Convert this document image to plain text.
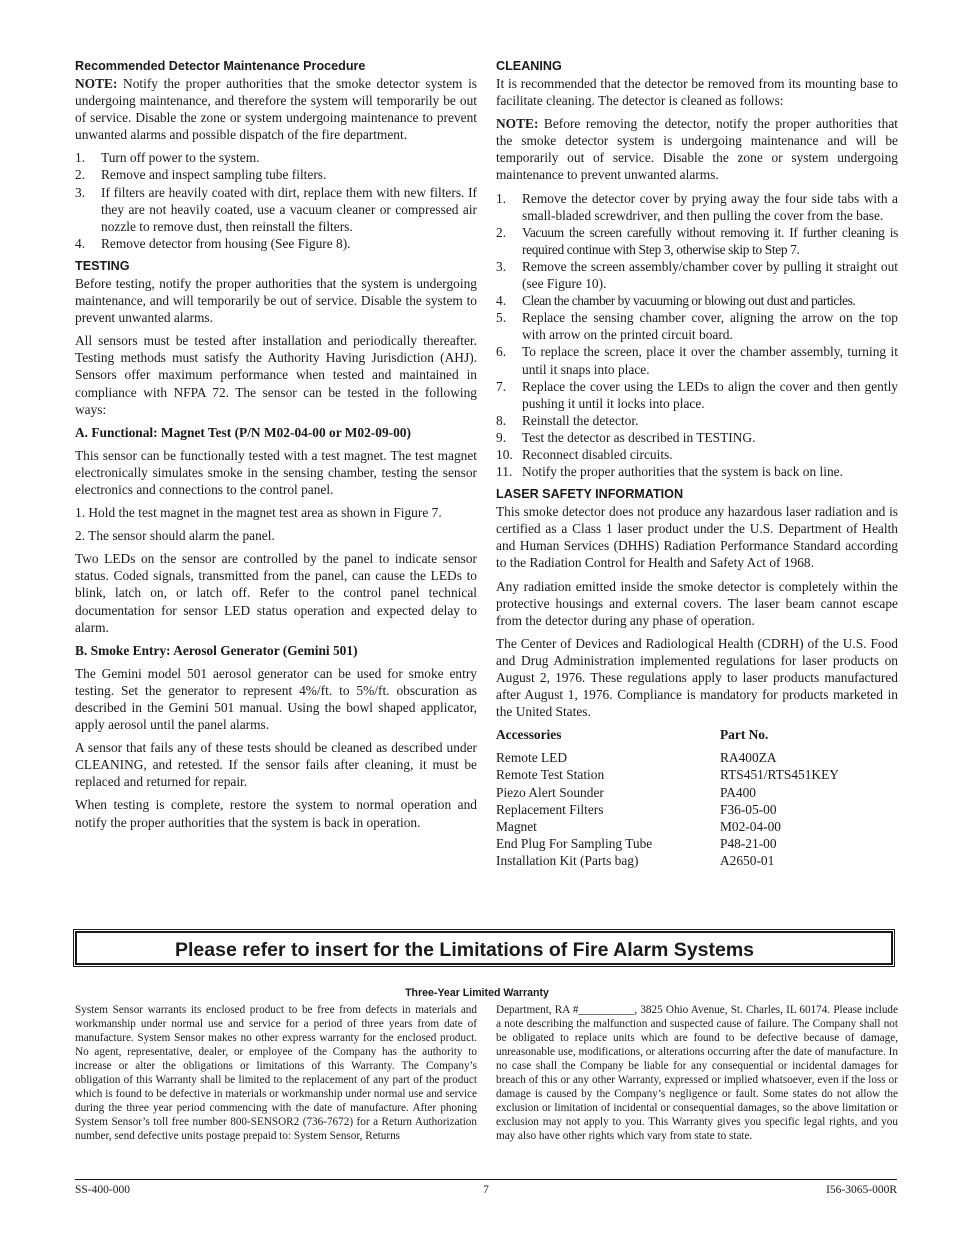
Recommended Detector Maintenance Procedure

NOTE: Notify the proper authorities that the smoke detector system is undergoing maintenance, and therefore the system will temporarily be out of service. Disable the zone or system undergoing maintenance to prevent unwanted alarms and possible dispatch of the fire department.

1. Turn off power to the system.
2. Remove and inspect sampling tube filters.
3. If filters are heavily coated with dirt, replace them with new filters. If they are not heavily coated, use a vacuum cleaner or compressed air nozzle to remove dust, then reinstall the filters.
4. Remove detector from housing (See Figure 8).
TESTING

Before testing, notify the proper authorities that the system is undergoing maintenance, and will temporarily be out of service. Disable the system to prevent unwanted alarms.

All sensors must be tested after installation and periodically thereafter. Testing methods must satisfy the Authority Having Jurisdiction (AHJ). Sensors offer maximum performance when tested and maintained in compliance with NFPA 72. The sensor can be tested in the following ways:

A. Functional: Magnet Test (P/N M02-04-00 or M02-09-00)

This sensor can be functionally tested with a test magnet. The test magnet electronically simulates smoke in the sensing chamber, testing the sensor electronics and connections to the control panel.

1. Hold the test magnet in the magnet test area as shown in Figure 7.
2. The sensor should alarm the panel.

Two LEDs on the sensor are controlled by the panel to indicate sensor status. Coded signals, transmitted from the panel, can cause the LEDs to blink, latch on, or latch off. Refer to the control panel technical documentation for sensor LED status operation and expected delay to alarm.

B. Smoke Entry: Aerosol Generator (Gemini 501)

The Gemini model 501 aerosol generator can be used for smoke entry testing. Set the generator to represent 4%/ft. to 5%/ft. obscuration as described in the Gemini 501 manual. Using the bowl shaped applicator, apply aerosol until the panel alarms.

A sensor that fails any of these tests should be cleaned as described under CLEANING, and retested. If the sensor fails after cleaning, it must be replaced and returned for repair.

When testing is complete, restore the system to normal operation and notify the proper authorities that the system is back in operation.

CLEANING

It is recommended that the detector be removed from its mounting base to facilitate cleaning. The detector is cleaned as follows:

NOTE: Before removing the detector, notify the proper authorities that the smoke detector system is undergoing maintenance and will be temporarily out of service. Disable the zone or system undergoing maintenance to prevent unwanted alarms.

1. Remove the detector cover by prying away the four side tabs with a small-bladed screwdriver, and then pulling the cover from the base.
2. Vacuum the screen carefully without removing it. If further cleaning is required continue with Step 3, otherwise skip to Step 7.
3. Remove the screen assembly/chamber cover by pulling it straight out (see Figure 10).
4. Clean the chamber by vacuuming or blowing out dust and particles.
5. Replace the sensing chamber cover, aligning the arrow on the top with arrow on the printed circuit board.
6. To replace the screen, place it over the chamber assembly, turning it until it snaps into place.
7. Replace the cover using the LEDs to align the cover and then gently pushing it until it locks into place.
8. Reinstall the detector.
9. Test the detector as described in TESTING.
10. Reconnect disabled circuits.
11. Notify the proper authorities that the system is back on line.
LASER SAFETY INFORMATION

This smoke detector does not produce any hazardous laser radiation and is certified as a Class 1 laser product under the U.S. Department of Health and Human Services (DHHS) Radiation Performance Standard according to the Radiation Control for Health and Safety Act of 1968.

Any radiation emitted inside the smoke detector is completely within the protective housings and external covers. The laser beam cannot escape from the detector during any phase of operation.

The Center of Devices and Radiological Health (CDRH) of the U.S. Food and Drug Administration implemented regulations for laser products on August 2, 1976. These regulations apply to laser products manufactured after August 1, 1976. Compliance is mandatory for products marketed in the United States.

Accessories	Part No.
Remote LED	RA400ZA
Remote Test Station	RTS451/RTS451KEY
Piezo Alert Sounder	PA400
Replacement Filters	F36-05-00
Magnet	M02-04-00
End Plug For Sampling Tube	P48-21-00
Installation Kit (Parts bag)	A2650-01
Please refer to insert for the Limitations of Fire Alarm Systems
Three-Year Limited Warranty
System Sensor warrants its enclosed product to be free from defects in materials and workmanship under normal use and service for a period of three years from date of manufacture. System Sensor makes no other express warranty for the enclosed product. No agent, representative, dealer, or employee of the Company has the authority to increase or alter the obligations or limitations of this Warranty. The Company’s obligation of this Warranty shall be limited to the replacement of any part of the product which is found to be defective in materials or workmanship under normal use and service during the three year period commencing with the date of manufacture. After phoning System Sensor’s toll free number 800-SENSOR2 (736-7672) for a Return Authorization number, send defective units postage prepaid to: System Sensor, Returns
Department, RA #__________, 3825 Ohio Avenue, St. Charles, IL 60174. Please include a note describing the malfunction and suspected cause of failure. The Company shall not be obligated to replace units which are found to be defective because of damage, unreasonable use, modifications, or alterations occurring after the date of manufacture. In no case shall the Company be liable for any consequential or incidental damages for breach of this or any other Warranty, expressed or implied whatsoever, even if the loss or damage is caused by the Company’s negligence or fault. Some states do not allow the exclusion or limitation of incidental or consequential damages, so the above limitation or exclusion may not apply to you. This Warranty gives you specific legal rights, and you may also have other rights which vary from state to state.
SS-400-000	7	I56-3065-000R
